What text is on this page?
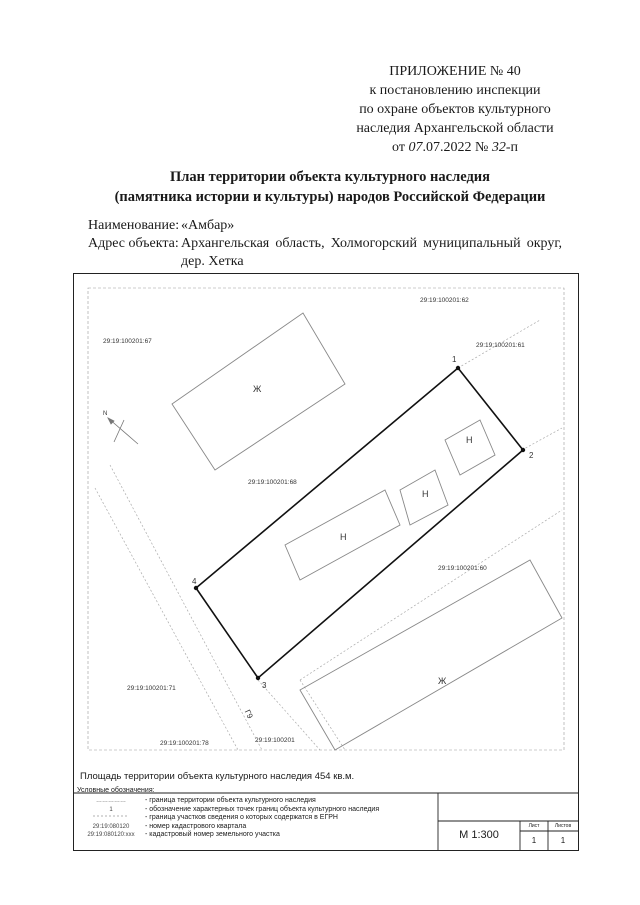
ПРИЛОЖЕНИЕ № 40
к постановлению инспекции
по охране объектов культурного
наследия Архангельской области
от 07.07.2022 № 32-п
План территории объекта культурного наследия
(памятника истории и культуры) народов Российской Федерации
Наименование: «Амбар»
Адрес объекта: Архангельская область, Холмогорский муниципальный округ, дер. Хетка
1
2
3
4
Ж
Ж
Н
Н
Н
29:19:100201:62
29:19:100201:61
29:19:100201:67
29:19:100201:68
29:19:100201:60
29:19:100201:71
29:19:100201:78	29:19:100201
Г9
N
Площадь территории объекта культурного наследия 454 кв.м.
Условные обозначения:
……………	- граница территории объекта культурного наследия
1	- обозначение характерных точек границ объекта культурного наследия
- граница участков сведения о которых содержатся в ЕГРН
29:19:080120	- номер кадастрового квартала
29:19:080120:ххх	- кадастровый номер земельного участка	М 1:300
Лист	Листов
1	1
